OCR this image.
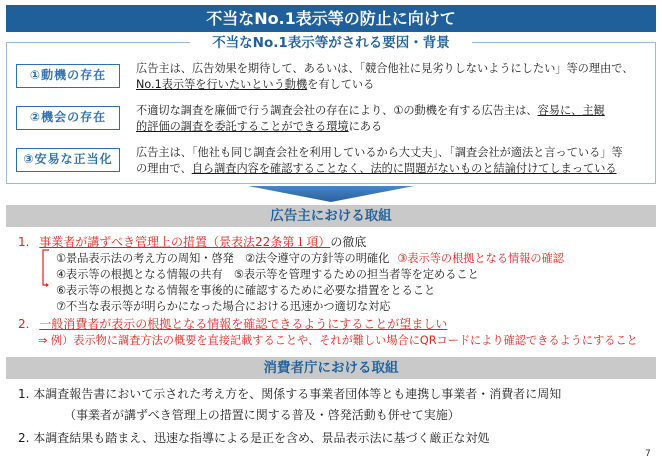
不当なNo.1表示等の防止に向けて
不当なNo.1表示等がされる要因・背景
①動機の存在	広告主は、広告効果を期待して、あるいは、「競合他社に見劣りしないようにしたい」等の理由で、
No.1表示等を行いたいという動機を有している
②機会の存在	不適切な調査を廉価で行う調査会社の存在により、①の動機を有する広告主は、容易に、主観
的評価の調査を委託することができる環境にある
③安易な正当化	広告主は、「他社も同じ調査会社を利用しているから大丈夫」、「調査会社が適法と言っている」等
の理由で、自ら調査内容を確認することなく、法的に問題がないものと結論付けてしまっている
広告主における取組
1. 事業者が講ずべき管理上の措置（景表法22条第１項）の徹底
①景品表示法の考え方の周知・啓発　②法令遵守の方針等の明確化 ③表示等の根拠となる情報の確認
④表示等の根拠となる情報の共有　⑤表示等を管理するための担当者等を定めること
⑥表示等の根拠となる情報を事後的に確認するために必要な措置をとること
⑦不当な表示等が明らかになった場合における迅速かつ適切な対応
2. 一般消費者が表示の根拠となる情報を確認できるようにすることが望ましい
⇒ 例）表示物に調査方法の概要を直接記載することや、それが難しい場合にQRコードにより確認できるようにすること
消費者庁における取組
1. 本調査報告書において示された考え方を、関係する事業者団体等とも連携し事業者・消費者に周知
（事業者が講ずべき管理上の措置に関する普及・啓発活動も併せて実施）
2. 本調査結果も踏まえ、迅速な指導による是正を含め、景品表示法に基づく厳正な対処
7
